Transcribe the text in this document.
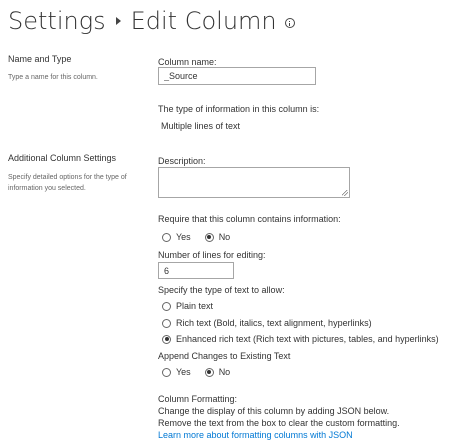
Settings Edit Column
Name and Type
Type a name for this column.
Column name:
_Source
The type of information in this column is:
Multiple lines of text
Additional Column Settings
Specify detailed options for the type of information you selected.
Description:
Require that this column contains information:
Yes	No
Number of lines for editing:
6
Specify the type of text to allow:
Plain text
Rich text (Bold, italics, text alignment, hyperlinks)
Enhanced rich text (Rich text with pictures, tables, and hyperlinks)
Append Changes to Existing Text
Yes	No
Column Formatting:
Change the display of this column by adding JSON below.
Remove the text from the box to clear the custom formatting.
Learn more about formatting columns with JSON
